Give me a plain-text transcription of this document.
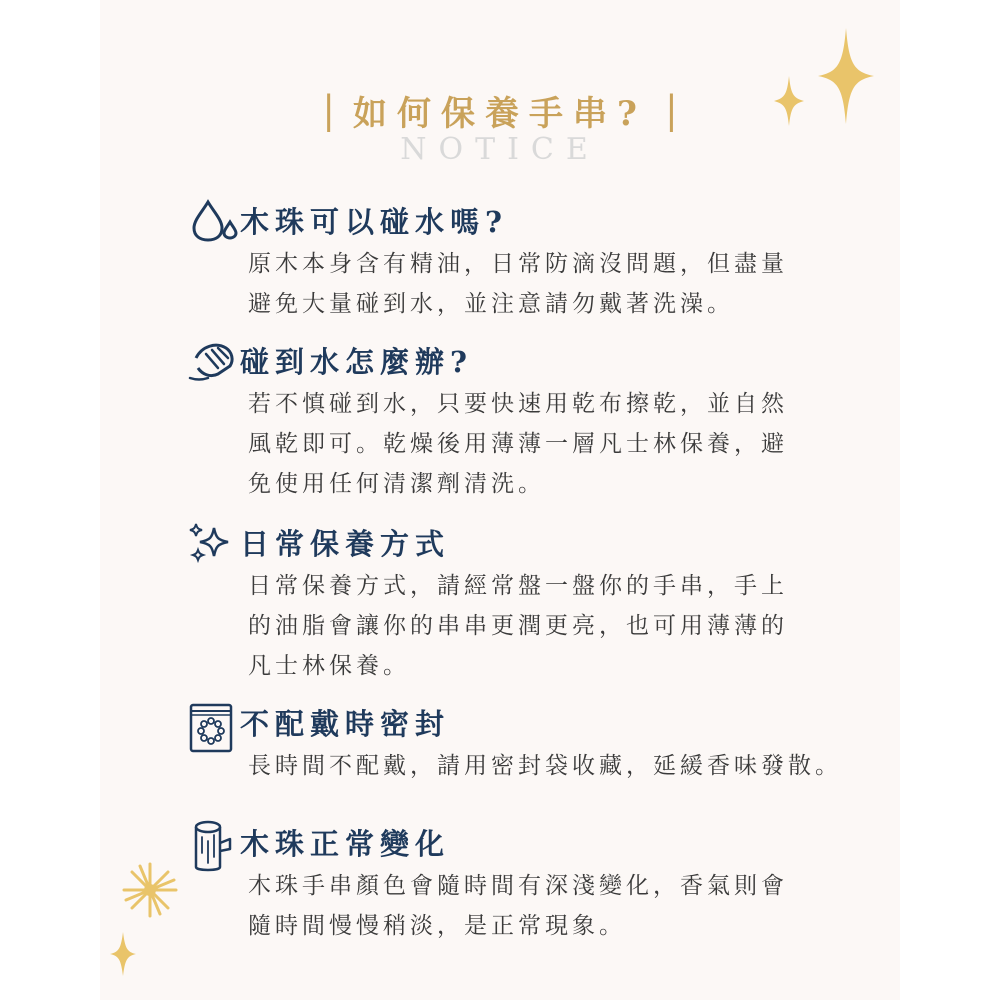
| 如何保養手串? |
NOTICE
木珠可以碰水嗎?
原木本身含有精油，日常防滴沒問題，但盡量
避免大量碰到水，並注意請勿戴著洗澡。
碰到水怎麼辦?
若不慎碰到水，只要快速用乾布擦乾，並自然
風乾即可。乾燥後用薄薄一層凡士林保養，避
免使用任何清潔劑清洗。
日常保養方式
日常保養方式，請經常盤一盤你的手串，手上
的油脂會讓你的串串更潤更亮，也可用薄薄的
凡士林保養。
不配戴時密封
長時間不配戴，請用密封袋收藏，延緩香味發散。
木珠正常變化
木珠手串顏色會隨時間有深淺變化，香氣則會
隨時間慢慢稍淡，是正常現象。
